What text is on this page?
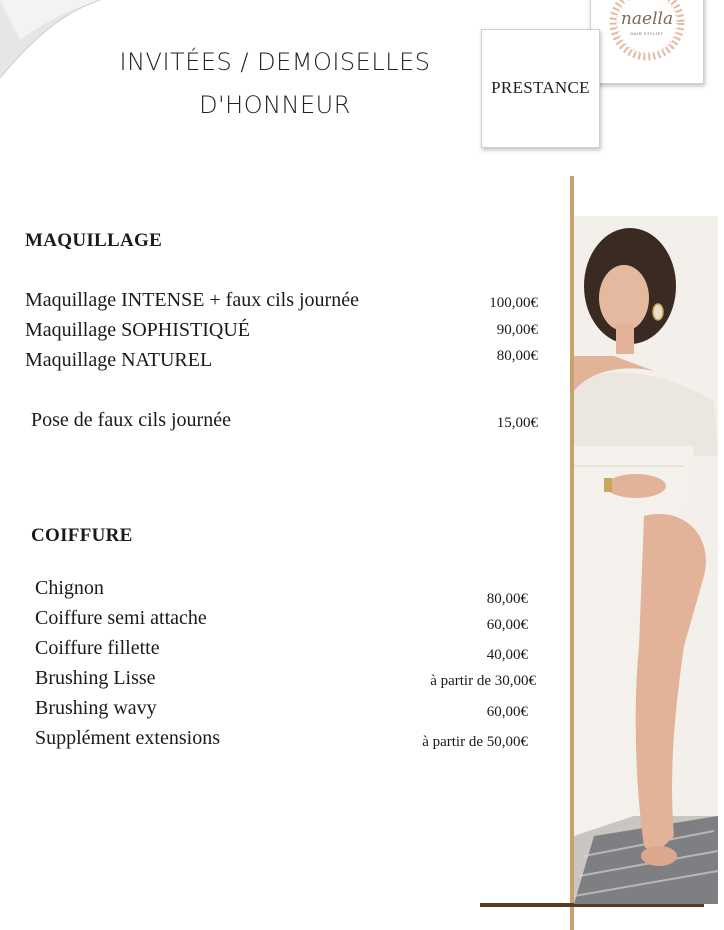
INVITÉES / DEMOISELLES
D'HONNEUR
naella
HAIR STYLIST
PRESTANCE
MAQUILLAGE
Maquillage INTENSE + faux cils journée	100,00€
Maquillage SOPHISTIQUÉ	90,00€
Maquillage NATUREL	80,00€
Pose de faux cils journée	15,00€
COIFFURE
Chignon	80,00€
Coiffure semi attache	60,00€
Coiffure fillette	40,00€
Brushing Lisse	à partir de 30,00€
Brushing wavy	60,00€
Supplément extensions	à partir de 50,00€
